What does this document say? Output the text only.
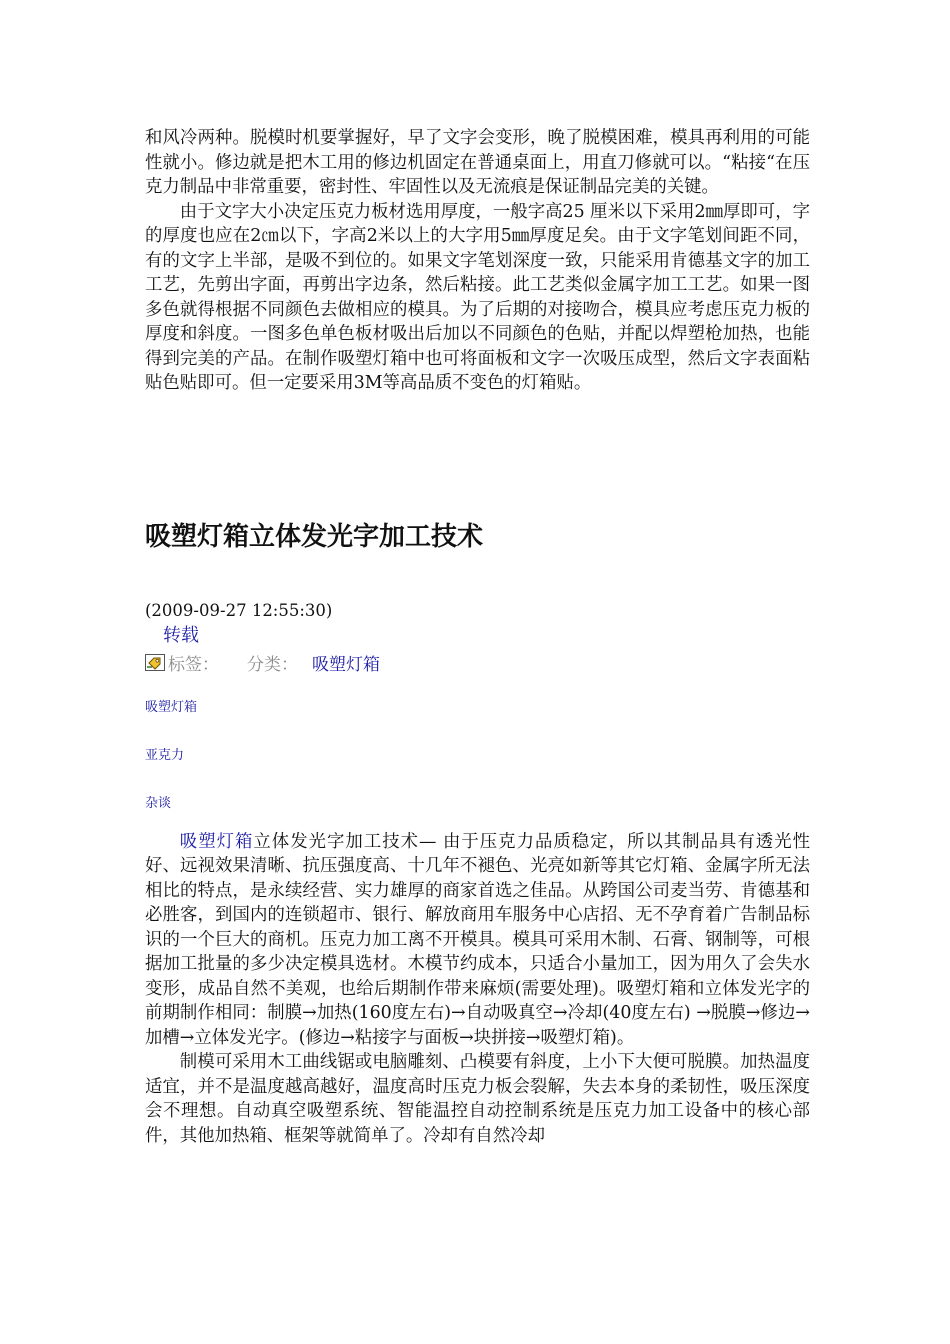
和风冷两种。脱模时机要掌握好，早了文字会变形，晚了脱模困难，模具再利用的可能性就小。修边就是把木工用的修边机固定在普通桌面上，用直刀修就可以。“粘接“在压克力制品中非常重要，密封性、牢固性以及无流痕是保证制品完美的关键。

由于文字大小决定压克力板材选用厚度，一般字高25 厘米以下采用2㎜厚即可，字的厚度也应在2㎝以下，字高2米以上的大字用5㎜厚度足矣。由于文字笔划间距不同，有的文字上半部，是吸不到位的。如果文字笔划深度一致，只能采用肯德基文字的加工工艺，先剪出字面，再剪出字边条，然后粘接。此工艺类似金属字加工工艺。如果一图多色就得根据不同颜色去做相应的模具。为了后期的对接吻合，模具应考虑压克力板的厚度和斜度。一图多色单色板材吸出后加以不同颜色的色贴，并配以焊塑枪加热，也能得到完美的产品。在制作吸塑灯箱中也可将面板和文字一次吸压成型，然后文字表面粘贴色贴即可。但一定要采用3M等高品质不变色的灯箱贴。

吸塑灯箱立体发光字加工技术
(2009-09-27 12:55:30)
转载
标签： 分类： 吸塑灯箱
吸塑灯箱
亚克力
杂谈

吸塑灯箱立体发光字加工技术— 由于压克力品质稳定，所以其制品具有透光性好、远视效果清晰、抗压强度高、十几年不褪色、光亮如新等其它灯箱、金属字所无法相比的特点，是永续经营、实力雄厚的商家首选之佳品。从跨国公司麦当劳、肯德基和必胜客，到国内的连锁超市、银行、解放商用车服务中心店招、无不孕育着广告制品标识的一个巨大的商机。压克力加工离不开模具。模具可采用木制、石膏、钢制等，可根据加工批量的多少决定模具选材。木模节约成本，只适合小量加工，因为用久了会失水变形，成品自然不美观，也给后期制作带来麻烦(需要处理)。吸塑灯箱和立体发光字的前期制作相同：制膜→加热(160度左右)→自动吸真空→冷却(40度左右) →脱膜→修边→加槽→立体发光字。(修边→粘接字与面板→块拼接→吸塑灯箱)。

制模可采用木工曲线锯或电脑雕刻、凸模要有斜度，上小下大便可脱膜。加热温度适宜，并不是温度越高越好，温度高时压克力板会裂解，失去本身的柔韧性，吸压深度会不理想。自动真空吸塑系统、智能温控自动控制系统是压克力加工设备中的核心部件，其他加热箱、框架等就简单了。冷却有自然冷却
